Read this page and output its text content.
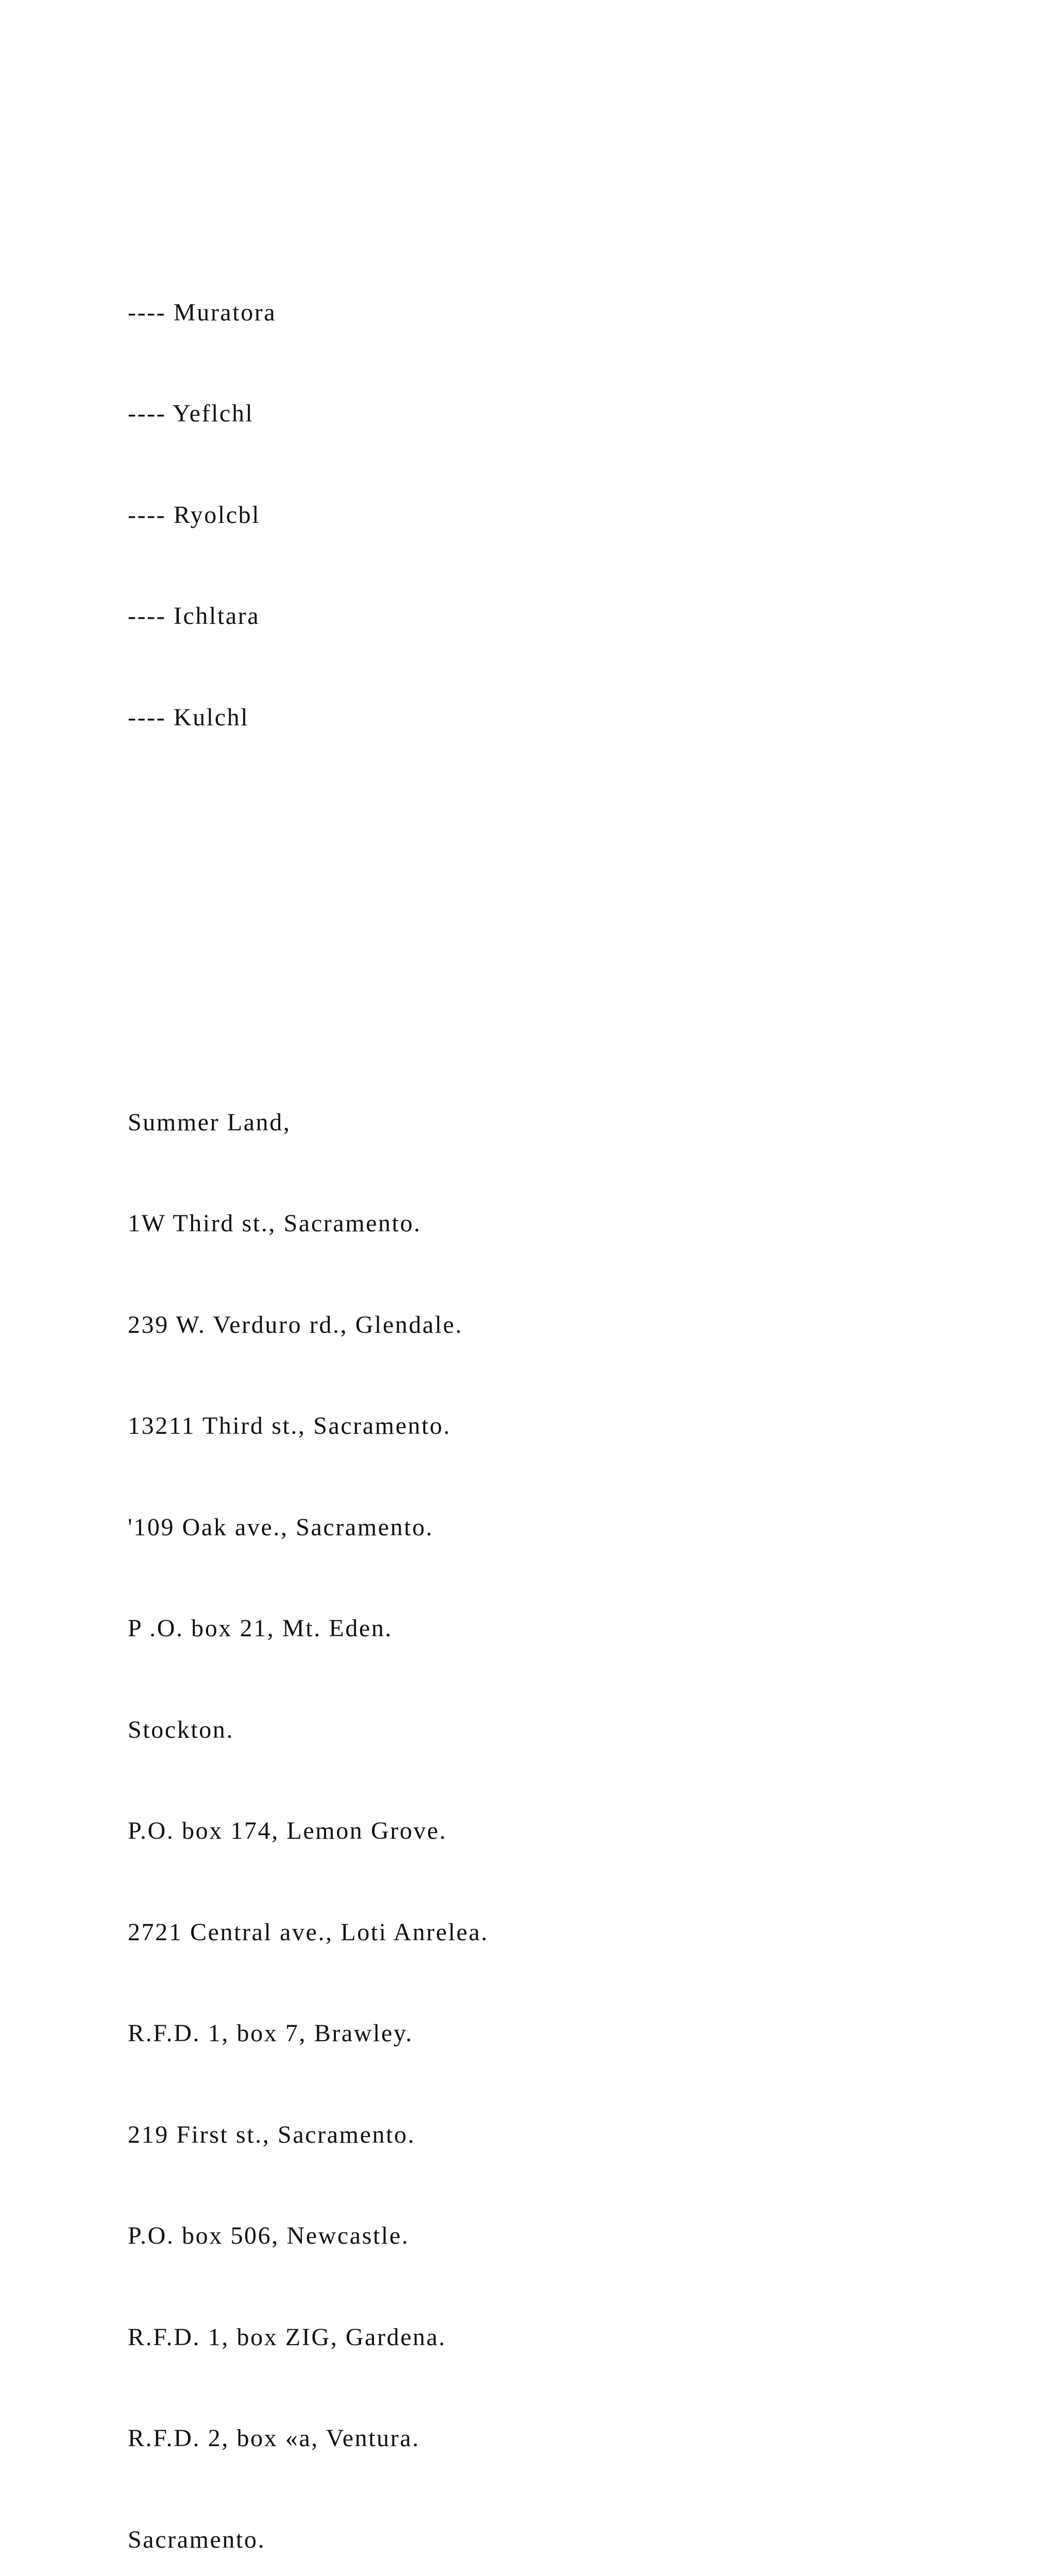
---- Muratora

---- Yeflchl

---- Ryolcbl

---- Ichltara

---- Kulchl

Summer Land,

1W Third st., Sacramento.

239 W. Verduro rd., Glendale.

13211 Third st., Sacramento.

'109 Oak ave., Sacramento.

P .O. box 21, Mt. Eden.

Stockton.

P.O. box 174, Lemon Grove.

2721 Central ave., Loti Anrelea.

R.F.D. 1, box 7, Brawley.

219 First st., Sacramento.

P.O. box 506, Newcastle.

R.F.D. 1, box ZIG, Gardena.

R.F.D. 2, box «a, Ventura.

Sacramento.
